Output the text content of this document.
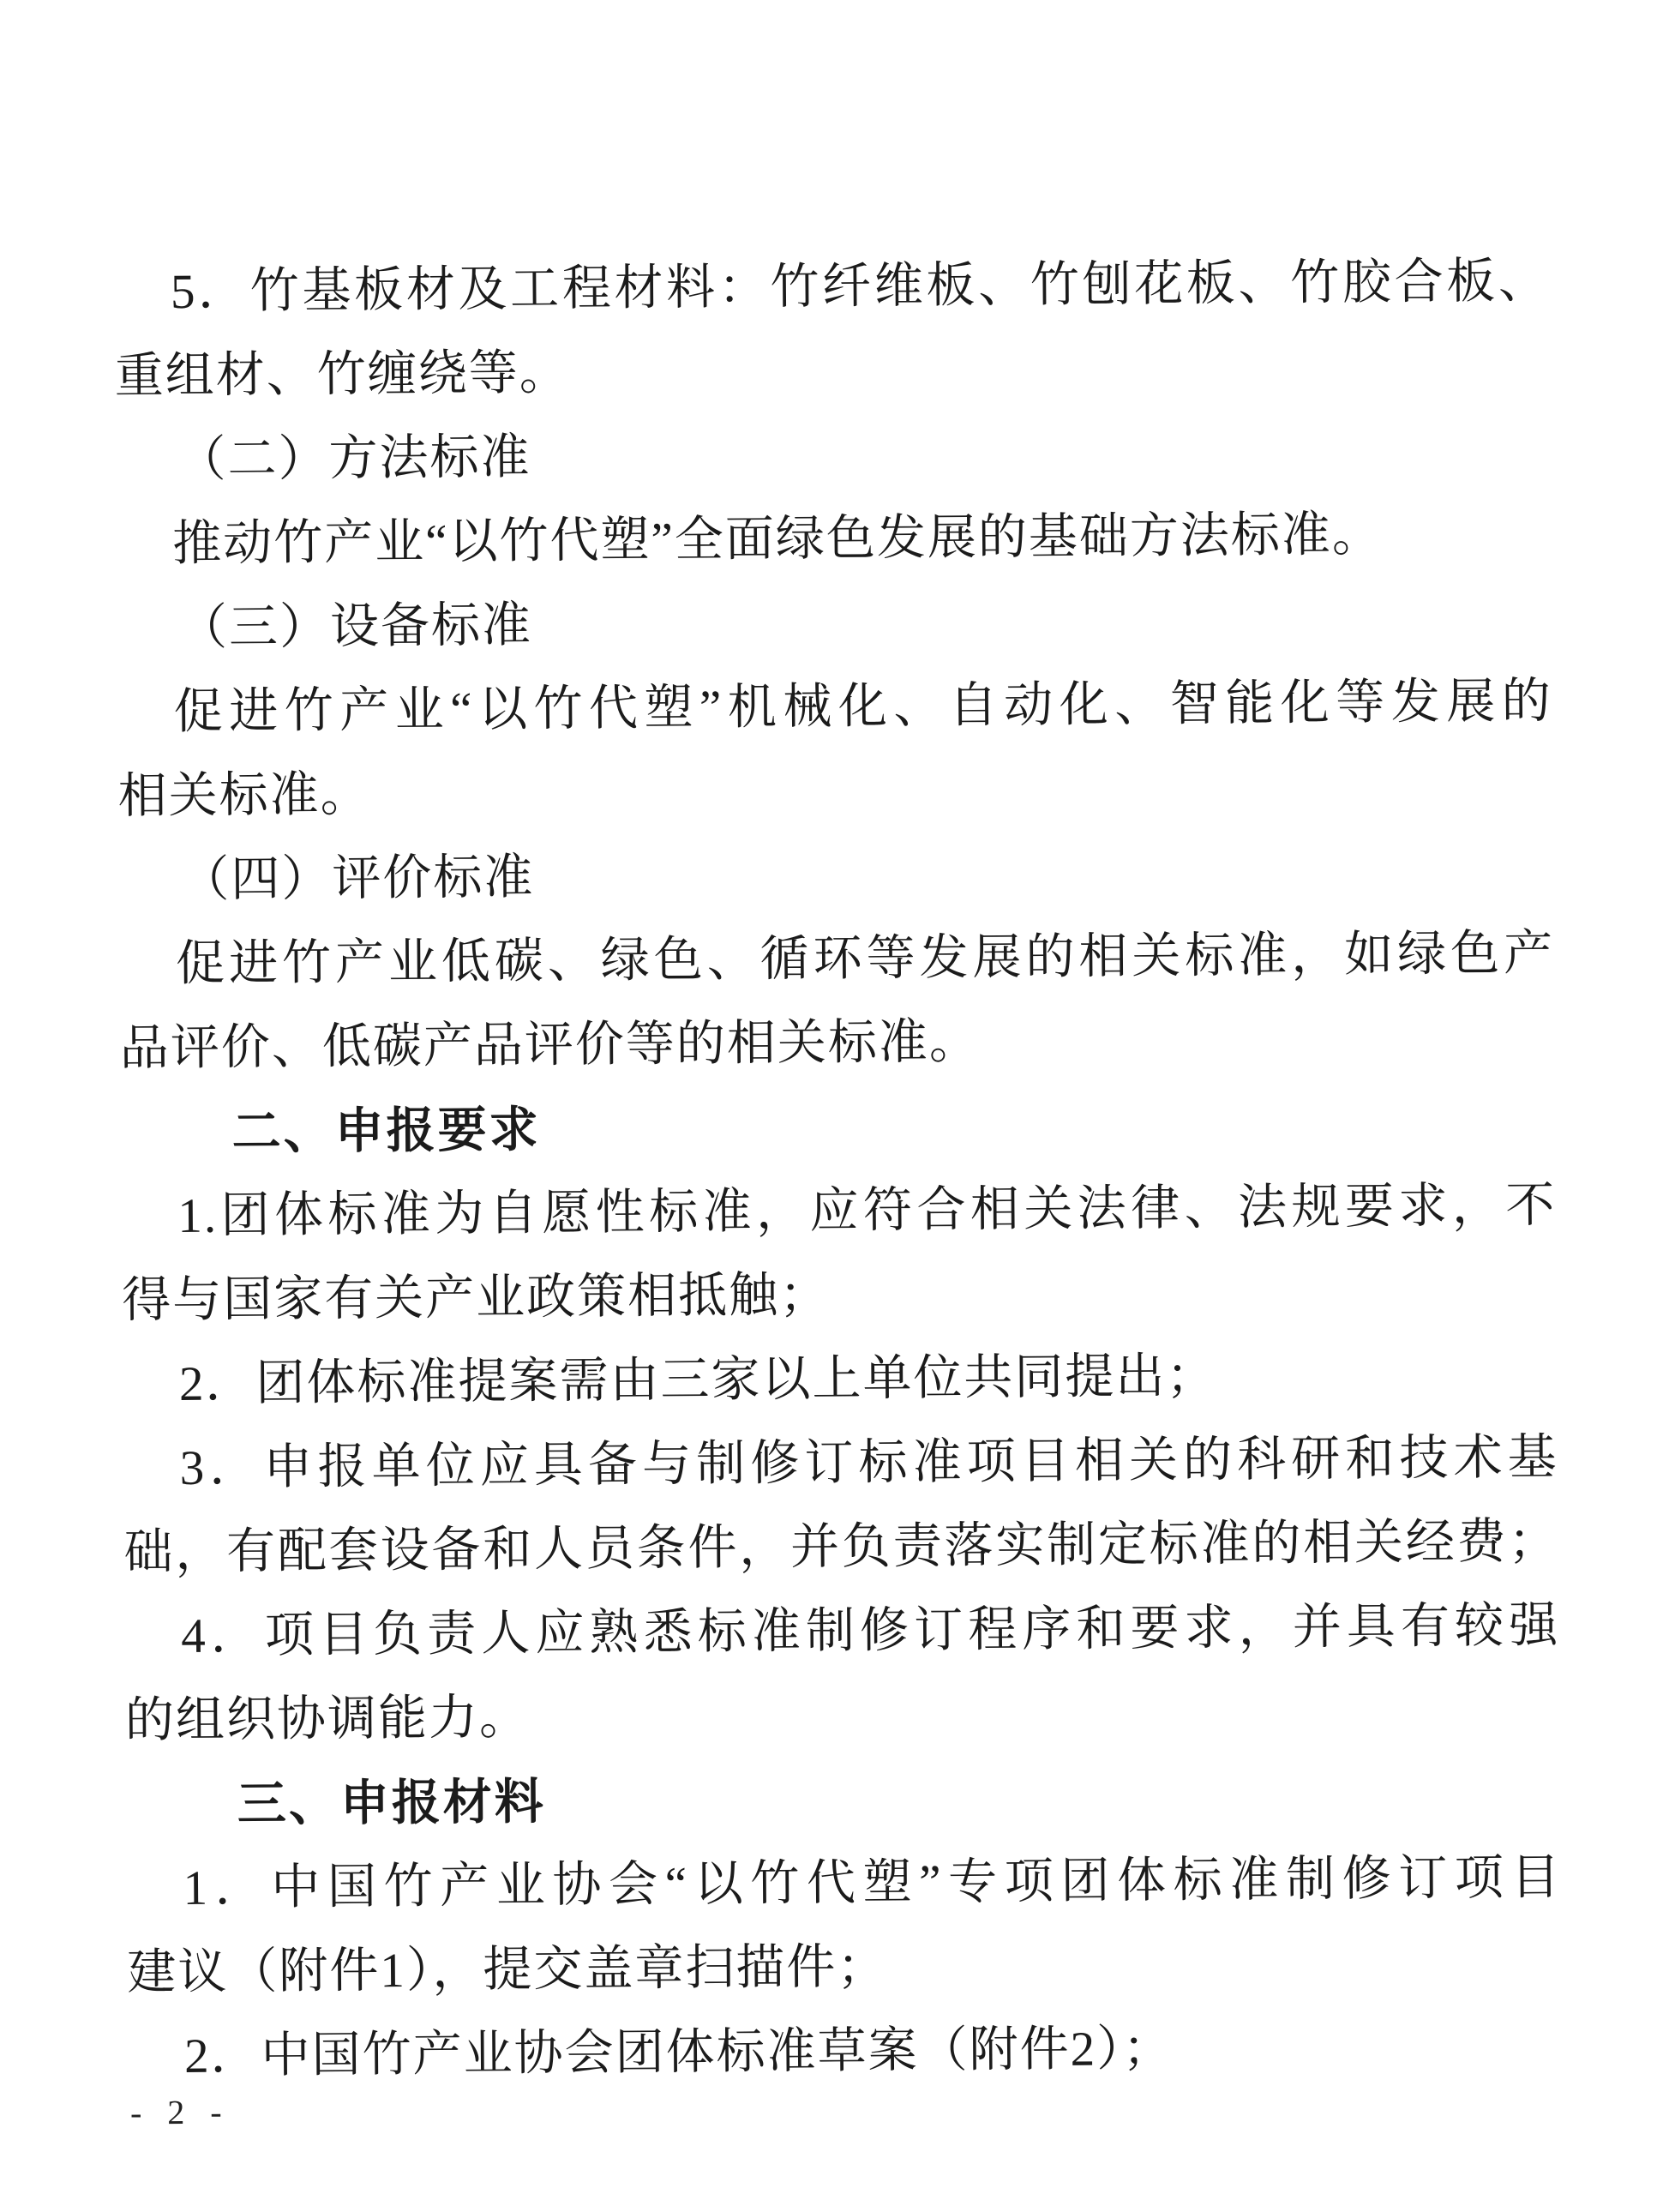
5．竹基板材及工程材料：竹纤维板、竹刨花板、竹胶合板、
重组材、竹缠绕等。
（二）方法标准
推动竹产业“以竹代塑”全面绿色发展的基础方法标准。
（三）设备标准
促进竹产业“以竹代塑”机械化、自动化、智能化等发展的
相关标准。
（四）评价标准
促进竹产业低碳、绿色、循环等发展的相关标准，如绿色产
品评价、低碳产品评价等的相关标准。
二、申报要求
1.团体标准为自愿性标准，应符合相关法律、法规要求，不
得与国家有关产业政策相抵触；
2．团体标准提案需由三家以上单位共同提出；
3．申报单位应具备与制修订标准项目相关的科研和技术基
础，有配套设备和人员条件，并负责落实制定标准的相关经费；
4．项目负责人应熟悉标准制修订程序和要求，并具有较强
的组织协调能力。
三、申报材料
1．中国竹产业协会“以竹代塑”专项团体标准制修订项目
建议（附件1），提交盖章扫描件；
2．中国竹产业协会团体标准草案（附件2）；
- 2 -
